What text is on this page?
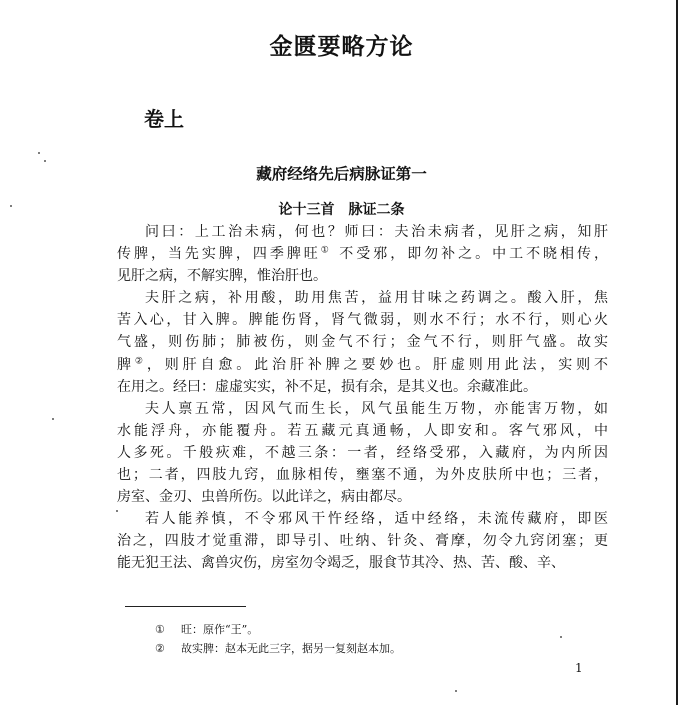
金匮要略方论
卷上
藏府经络先后病脉证第一
论十三首 脉证二条
问曰：上工治未病，何也？师曰：夫治未病者，见肝之病，知肝
传脾，当先实脾，四季脾旺① 不受邪，即勿补之。中工不晓相传，
见肝之病，不解实脾，惟治肝也。
夫肝之病，补用酸，助用焦苦，益用甘味之药调之。酸入肝，焦
苦入心，甘入脾。脾能伤肾，肾气微弱，则水不行；水不行，则心火
气盛，则伤肺；肺被伤，则金气不行；金气不行，则肝气盛。故实
脾②，则肝自愈。此治肝补脾之要妙也。肝虚则用此法，实则不
在用之。经曰：虚虚实实，补不足，损有余，是其义也。余藏准此。
夫人禀五常，因风气而生长，风气虽能生万物，亦能害万物，如
水能浮舟，亦能覆舟。若五藏元真通畅，人即安和。客气邪风，中
人多死。千般疢难，不越三条：一者，经络受邪，入藏府，为内所因
也；二者，四肢九窍，血脉相传，壅塞不通，为外皮肤所中也；三者，
房室、金刃、虫兽所伤。以此详之，病由都尽。
若人能养慎，不令邪风干忤经络，适中经络，未流传藏府，即医
治之，四肢才觉重滞，即导引、吐纳、针灸、膏摩，勿令九窍闭塞；更
能无犯王法、禽兽灾伤，房室勿令竭乏，服食节其冷、热、苦、酸、辛、
① 旺：原作“王”。
② 故实脾：赵本无此三字，据另一复刻赵本加。
1
